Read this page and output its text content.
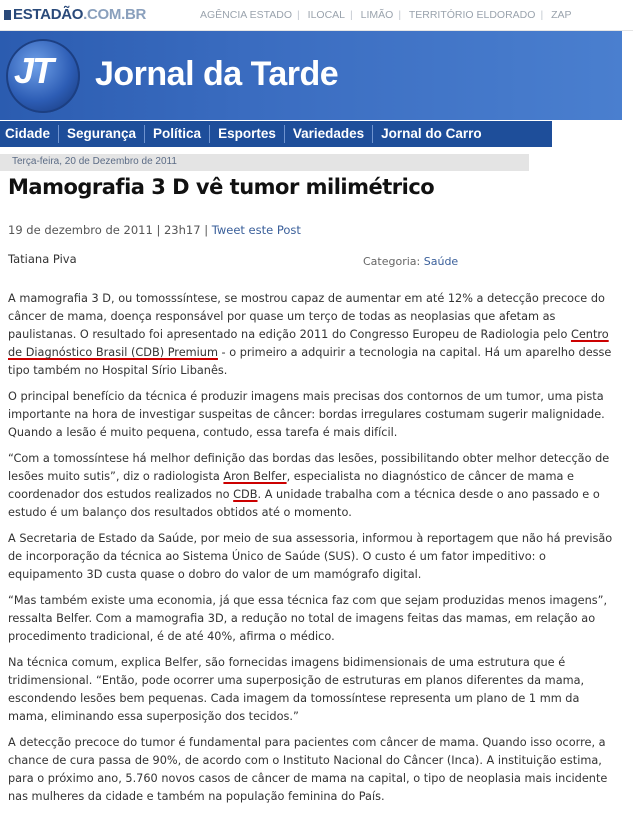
ESTADÃO.COM.BR	AGÊNCIA ESTADO | ILOCAL | LIMÃO | TERRITÓRIO ELDORADO | ZAP
JT Jornal da Tarde
Cidade	Segurança	Política	Esportes	Variedades	Jornal do Carro
Terça-feira, 20 de Dezembro de 2011
Mamografia 3 D vê tumor milimétrico
19 de dezembro de 2011 | 23h17 | Tweet este Post
Tatiana Piva	Categoria: Saúde

A mamografia 3 D, ou tomosssíntese, se mostrou capaz de aumentar em até 12% a detecção precoce do câncer de mama, doença responsável por quase um terço de todas as neoplasias que afetam as paulistanas. O resultado foi apresentado na edição 2011 do Congresso Europeu de Radiologia pelo Centro de Diagnóstico Brasil (CDB) Premium - o primeiro a adquirir a tecnologia na capital. Há um aparelho desse tipo também no Hospital Sírio Libanês.

O principal benefício da técnica é produzir imagens mais precisas dos contornos de um tumor, uma pista importante na hora de investigar suspeitas de câncer: bordas irregulares costumam sugerir malignidade. Quando a lesão é muito pequena, contudo, essa tarefa é mais difícil.

“Com a tomossíntese há melhor definição das bordas das lesões, possibilitando obter melhor detecção de lesões muito sutis”, diz o radiologista Aron Belfer, especialista no diagnóstico de câncer de mama e coordenador dos estudos realizados no CDB. A unidade trabalha com a técnica desde o ano passado e o estudo é um balanço dos resultados obtidos até o momento.

A Secretaria de Estado da Saúde, por meio de sua assessoria, informou à reportagem que não há previsão de incorporação da técnica ao Sistema Único de Saúde (SUS). O custo é um fator impeditivo: o equipamento 3D custa quase o dobro do valor de um mamógrafo digital.

“Mas também existe uma economia, já que essa técnica faz com que sejam produzidas menos imagens”, ressalta Belfer. Com a mamografia 3D, a redução no total de imagens feitas das mamas, em relação ao procedimento tradicional, é de até 40%, afirma o médico.

Na técnica comum, explica Belfer, são fornecidas imagens bidimensionais de uma estrutura que é tridimensional. “Então, pode ocorrer uma superposição de estruturas em planos diferentes da mama, escondendo lesões bem pequenas. Cada imagem da tomossíntese representa um plano de 1 mm da mama, eliminando essa superposição dos tecidos.”

A detecção precoce do tumor é fundamental para pacientes com câncer de mama. Quando isso ocorre, a chance de cura passa de 90%, de acordo com o Instituto Nacional do Câncer (Inca). A instituição estima, para o próximo ano, 5.760 novos casos de câncer de mama na capital, o tipo de neoplasia mais incidente nas mulheres da cidade e também na população feminina do País.
